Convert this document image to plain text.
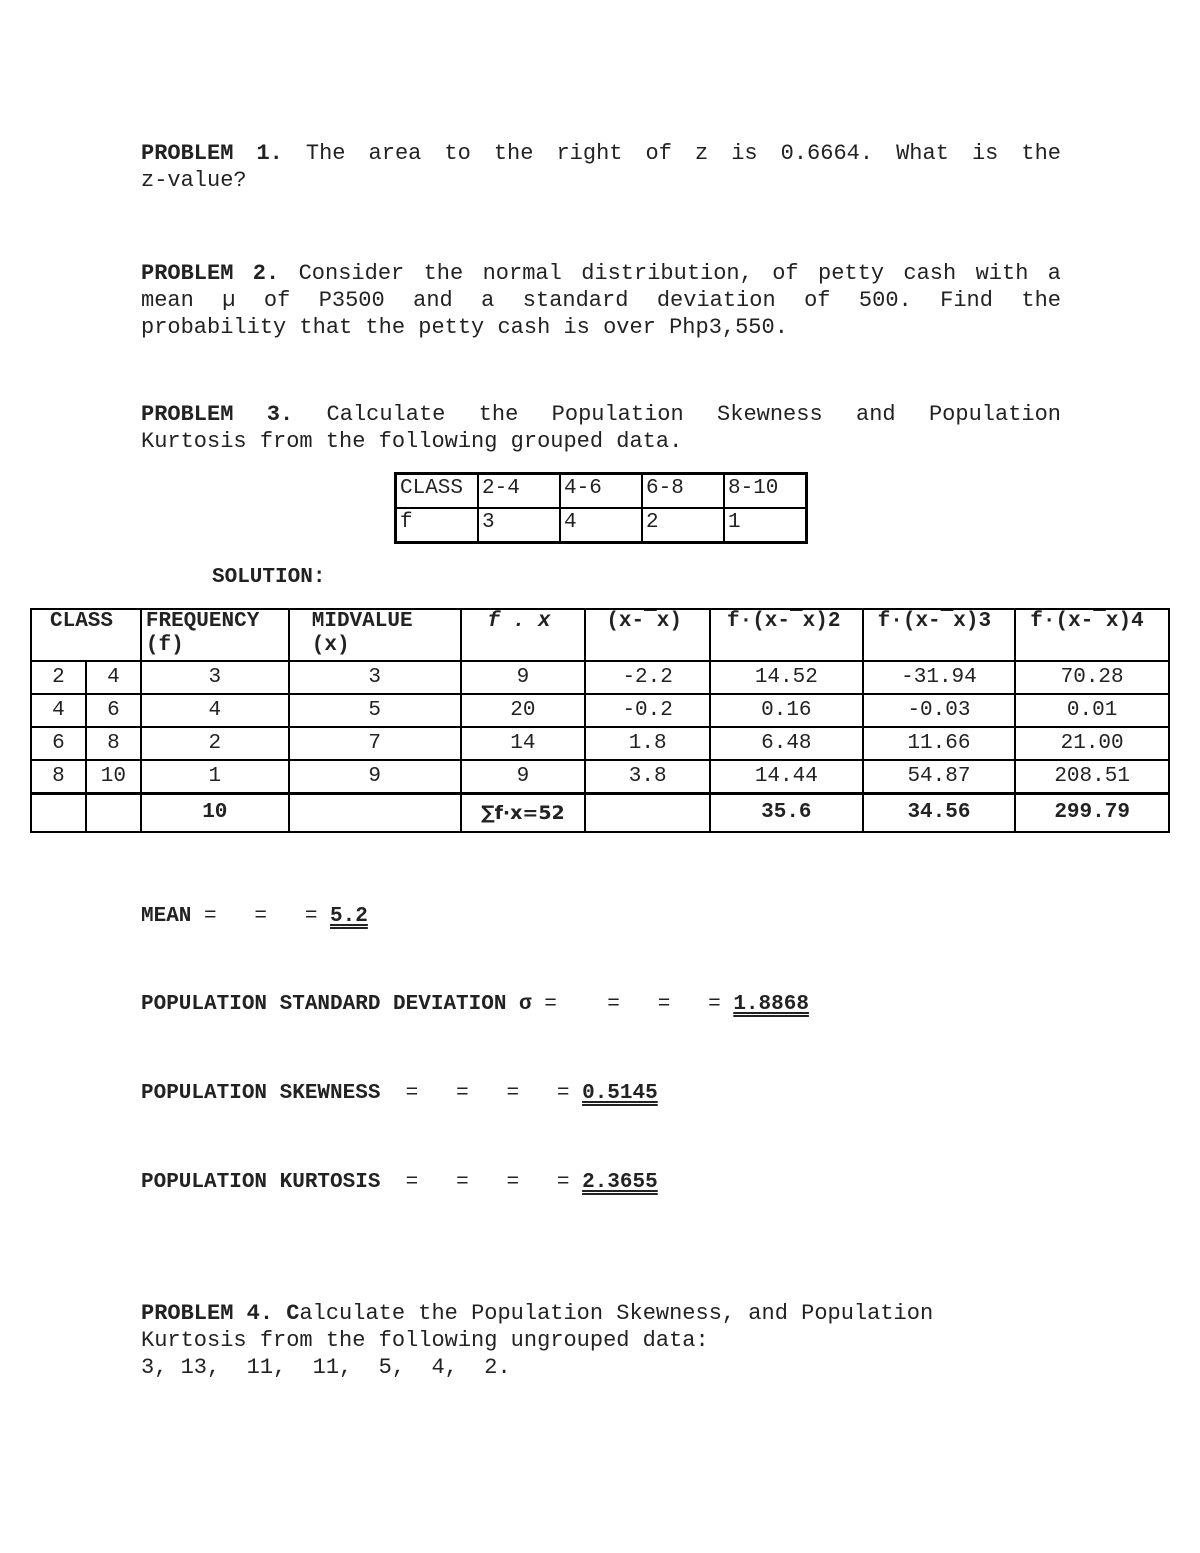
PROBLEM 1. The area to the right of z is 0.6664. What is the
z-value?
PROBLEM 2. Consider the normal distribution, of petty cash with a
mean µ of P3500 and a standard deviation of 500. Find the
probability that the petty cash is over Php3,550.
PROBLEM 3. Calculate the Population Skewness and Population
Kurtosis from the following grouped data.
CLASS	2-4	4-6	6-8	8-10
f	3	4	2	1
SOLUTION:
CLASS		FREQUENCY (f)	MIDVALUE (x)	f . x	(x-¯x)	f·(x-¯x)2	f·(x-¯x)3	f·(x-¯x)4
2	4	3	3	9	-2.2	14.52	-31.94	70.28
4	6	4	5	20	-0.2	0.16	-0.03	0.01
6	8	2	7	14	1.8	6.48	11.66	21.00
8	10	1	9	9	3.8	14.44	54.87	208.51
		10		∑f·x=52		35.6	34.56	299.79
MEAN =   =   = 5.2
POPULATION STANDARD DEVIATION σ =    =   =   = 1.8868
POPULATION SKEWNESS  =   =   =   = 0.5145
POPULATION KURTOSIS  =   =   =   = 2.3655
PROBLEM 4. Calculate the Population Skewness, and Population
Kurtosis from the following ungrouped data:
3, 13,  11,  11,  5,  4,  2.
